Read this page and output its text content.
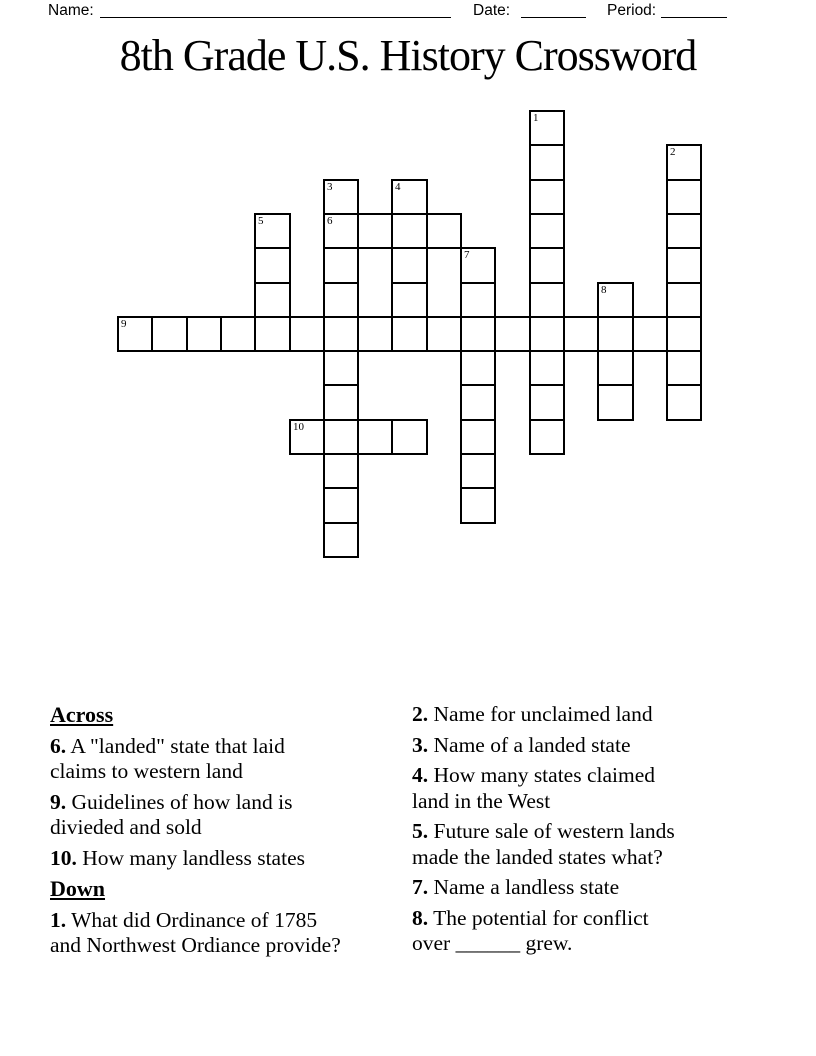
Name:	Date:	Period:
8th Grade U.S. History Crossword
1
2
3	4
5	6
7
8
9
10
Across

6. A "landed" state that laid
claims to western land

9. Guidelines of how land is
divieded and sold

10. How many landless states

Down

1. What did Ordinance of 1785
and Northwest Ordiance provide?

2. Name for unclaimed land

3. Name of a landed state

4. How many states claimed
land in the West

5. Future sale of western lands
made the landed states what?

7. Name a landless state

8. The potential for conflict
over ______ grew.
